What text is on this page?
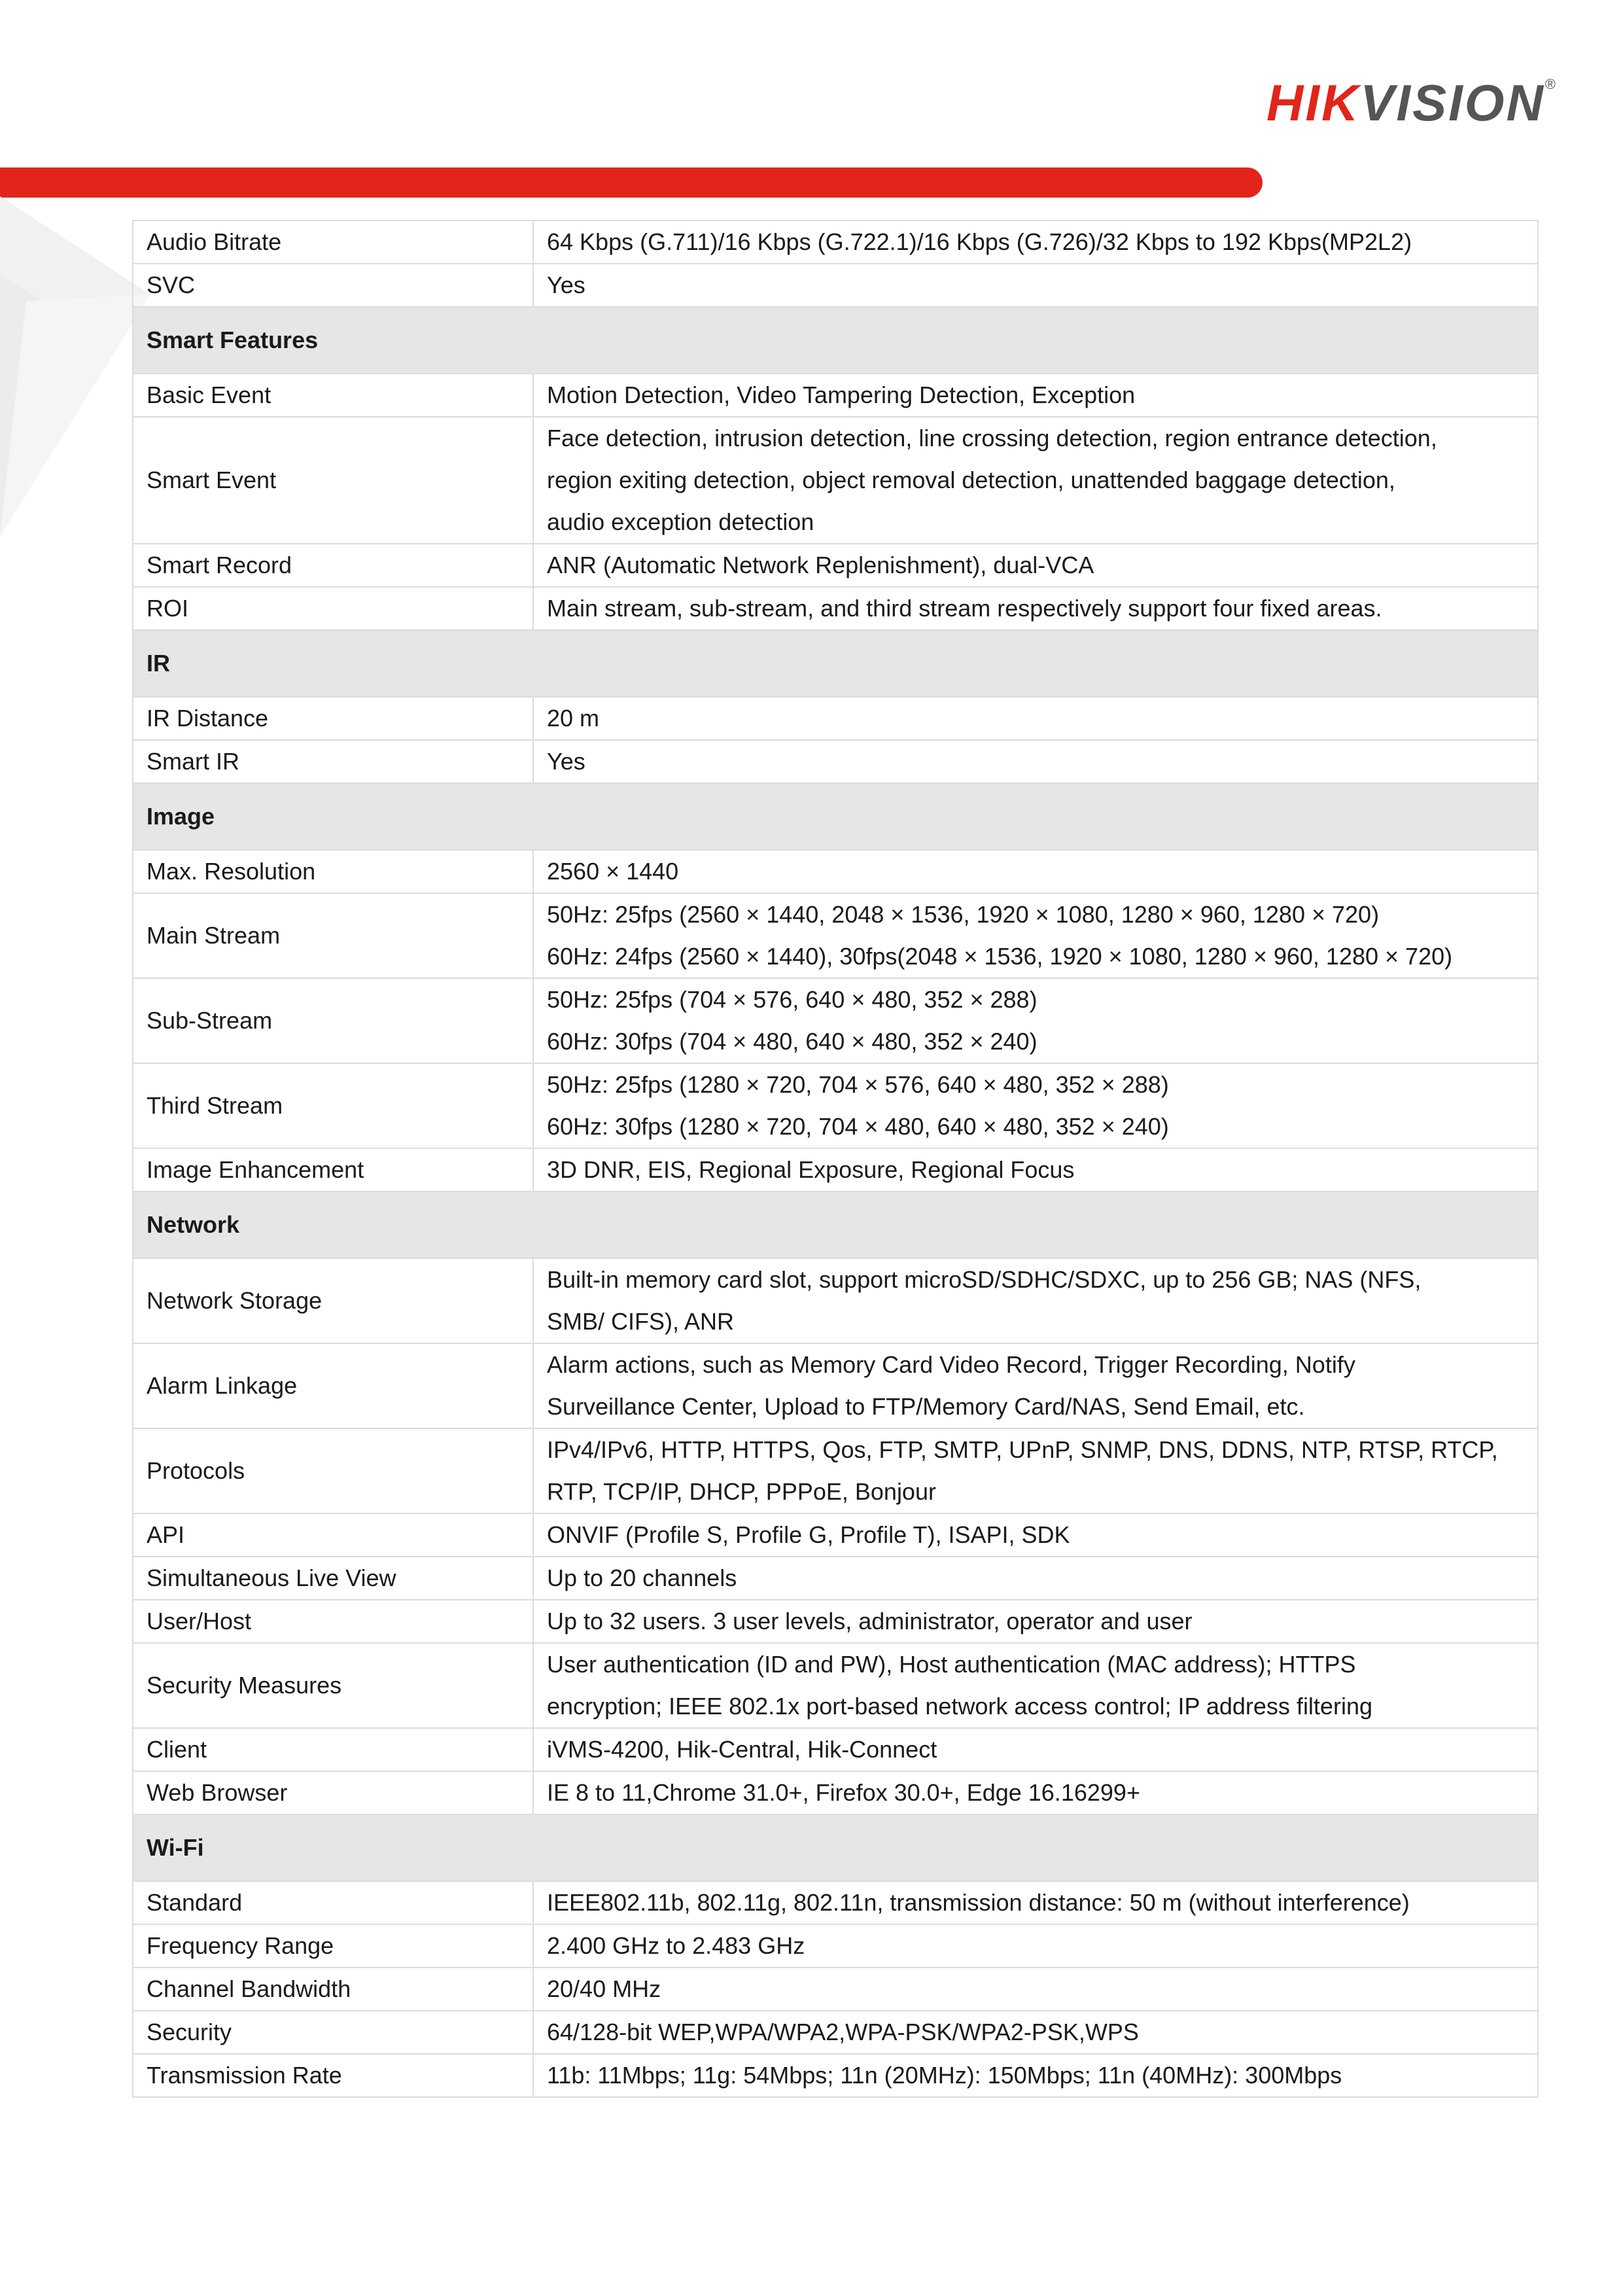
HIKVISION®
Audio Bitrate	64 Kbps (G.711)/16 Kbps (G.722.1)/16 Kbps (G.726)/32 Kbps to 192 Kbps(MP2L2)

SVC	Yes

Smart Features	
Basic Event	Motion Detection, Video Tampering Detection, Exception

Smart Event	Face detection, intrusion detection, line crossing detection, region entrance detection,
region exiting detection, object removal detection, unattended baggage detection,
audio exception detection

Smart Record	ANR (Automatic Network Replenishment), dual-VCA

ROI	Main stream, sub-stream, and third stream respectively support four fixed areas.

IR	
IR Distance	20 m

Smart IR	Yes

Image	
Max. Resolution	2560 × 1440

Main Stream	50Hz: 25fps (2560 × 1440, 2048 × 1536, 1920 × 1080, 1280 × 960, 1280 × 720)
60Hz: 24fps (2560 × 1440), 30fps(2048 × 1536, 1920 × 1080, 1280 × 960, 1280 × 720)

Sub-Stream	50Hz: 25fps (704 × 576, 640 × 480, 352 × 288)
60Hz: 30fps (704 × 480, 640 × 480, 352 × 240)

Third Stream	50Hz: 25fps (1280 × 720, 704 × 576, 640 × 480, 352 × 288)
60Hz: 30fps (1280 × 720, 704 × 480, 640 × 480, 352 × 240)

Image Enhancement	3D DNR, EIS, Regional Exposure, Regional Focus

Network	
Network Storage	Built-in memory card slot, support microSD/SDHC/SDXC, up to 256 GB; NAS (NFS,
SMB/ CIFS), ANR

Alarm Linkage	Alarm actions, such as Memory Card Video Record, Trigger Recording, Notify
Surveillance Center, Upload to FTP/Memory Card/NAS, Send Email, etc.

Protocols	IPv4/IPv6, HTTP, HTTPS, Qos, FTP, SMTP, UPnP, SNMP, DNS, DDNS, NTP, RTSP, RTCP,
RTP, TCP/IP, DHCP, PPPoE, Bonjour

API	ONVIF (Profile S, Profile G, Profile T), ISAPI, SDK

Simultaneous Live View	Up to 20 channels

User/Host	Up to 32 users. 3 user levels, administrator, operator and user

Security Measures	User authentication (ID and PW), Host authentication (MAC address); HTTPS
encryption; IEEE 802.1x port-based network access control; IP address filtering

Client	iVMS-4200, Hik-Central, Hik-Connect

Web Browser	IE 8 to 11,Chrome 31.0+, Firefox 30.0+, Edge 16.16299+

Wi-Fi	
Standard	IEEE802.11b, 802.11g, 802.11n, transmission distance: 50 m (without interference)

Frequency Range	2.400 GHz to 2.483 GHz

Channel Bandwidth	20/40 MHz

Security	64/128-bit WEP,WPA/WPA2,WPA-PSK/WPA2-PSK,WPS

Transmission Rate	11b: 11Mbps; 11g: 54Mbps; 11n (20MHz): 150Mbps; 11n (40MHz): 300Mbps
